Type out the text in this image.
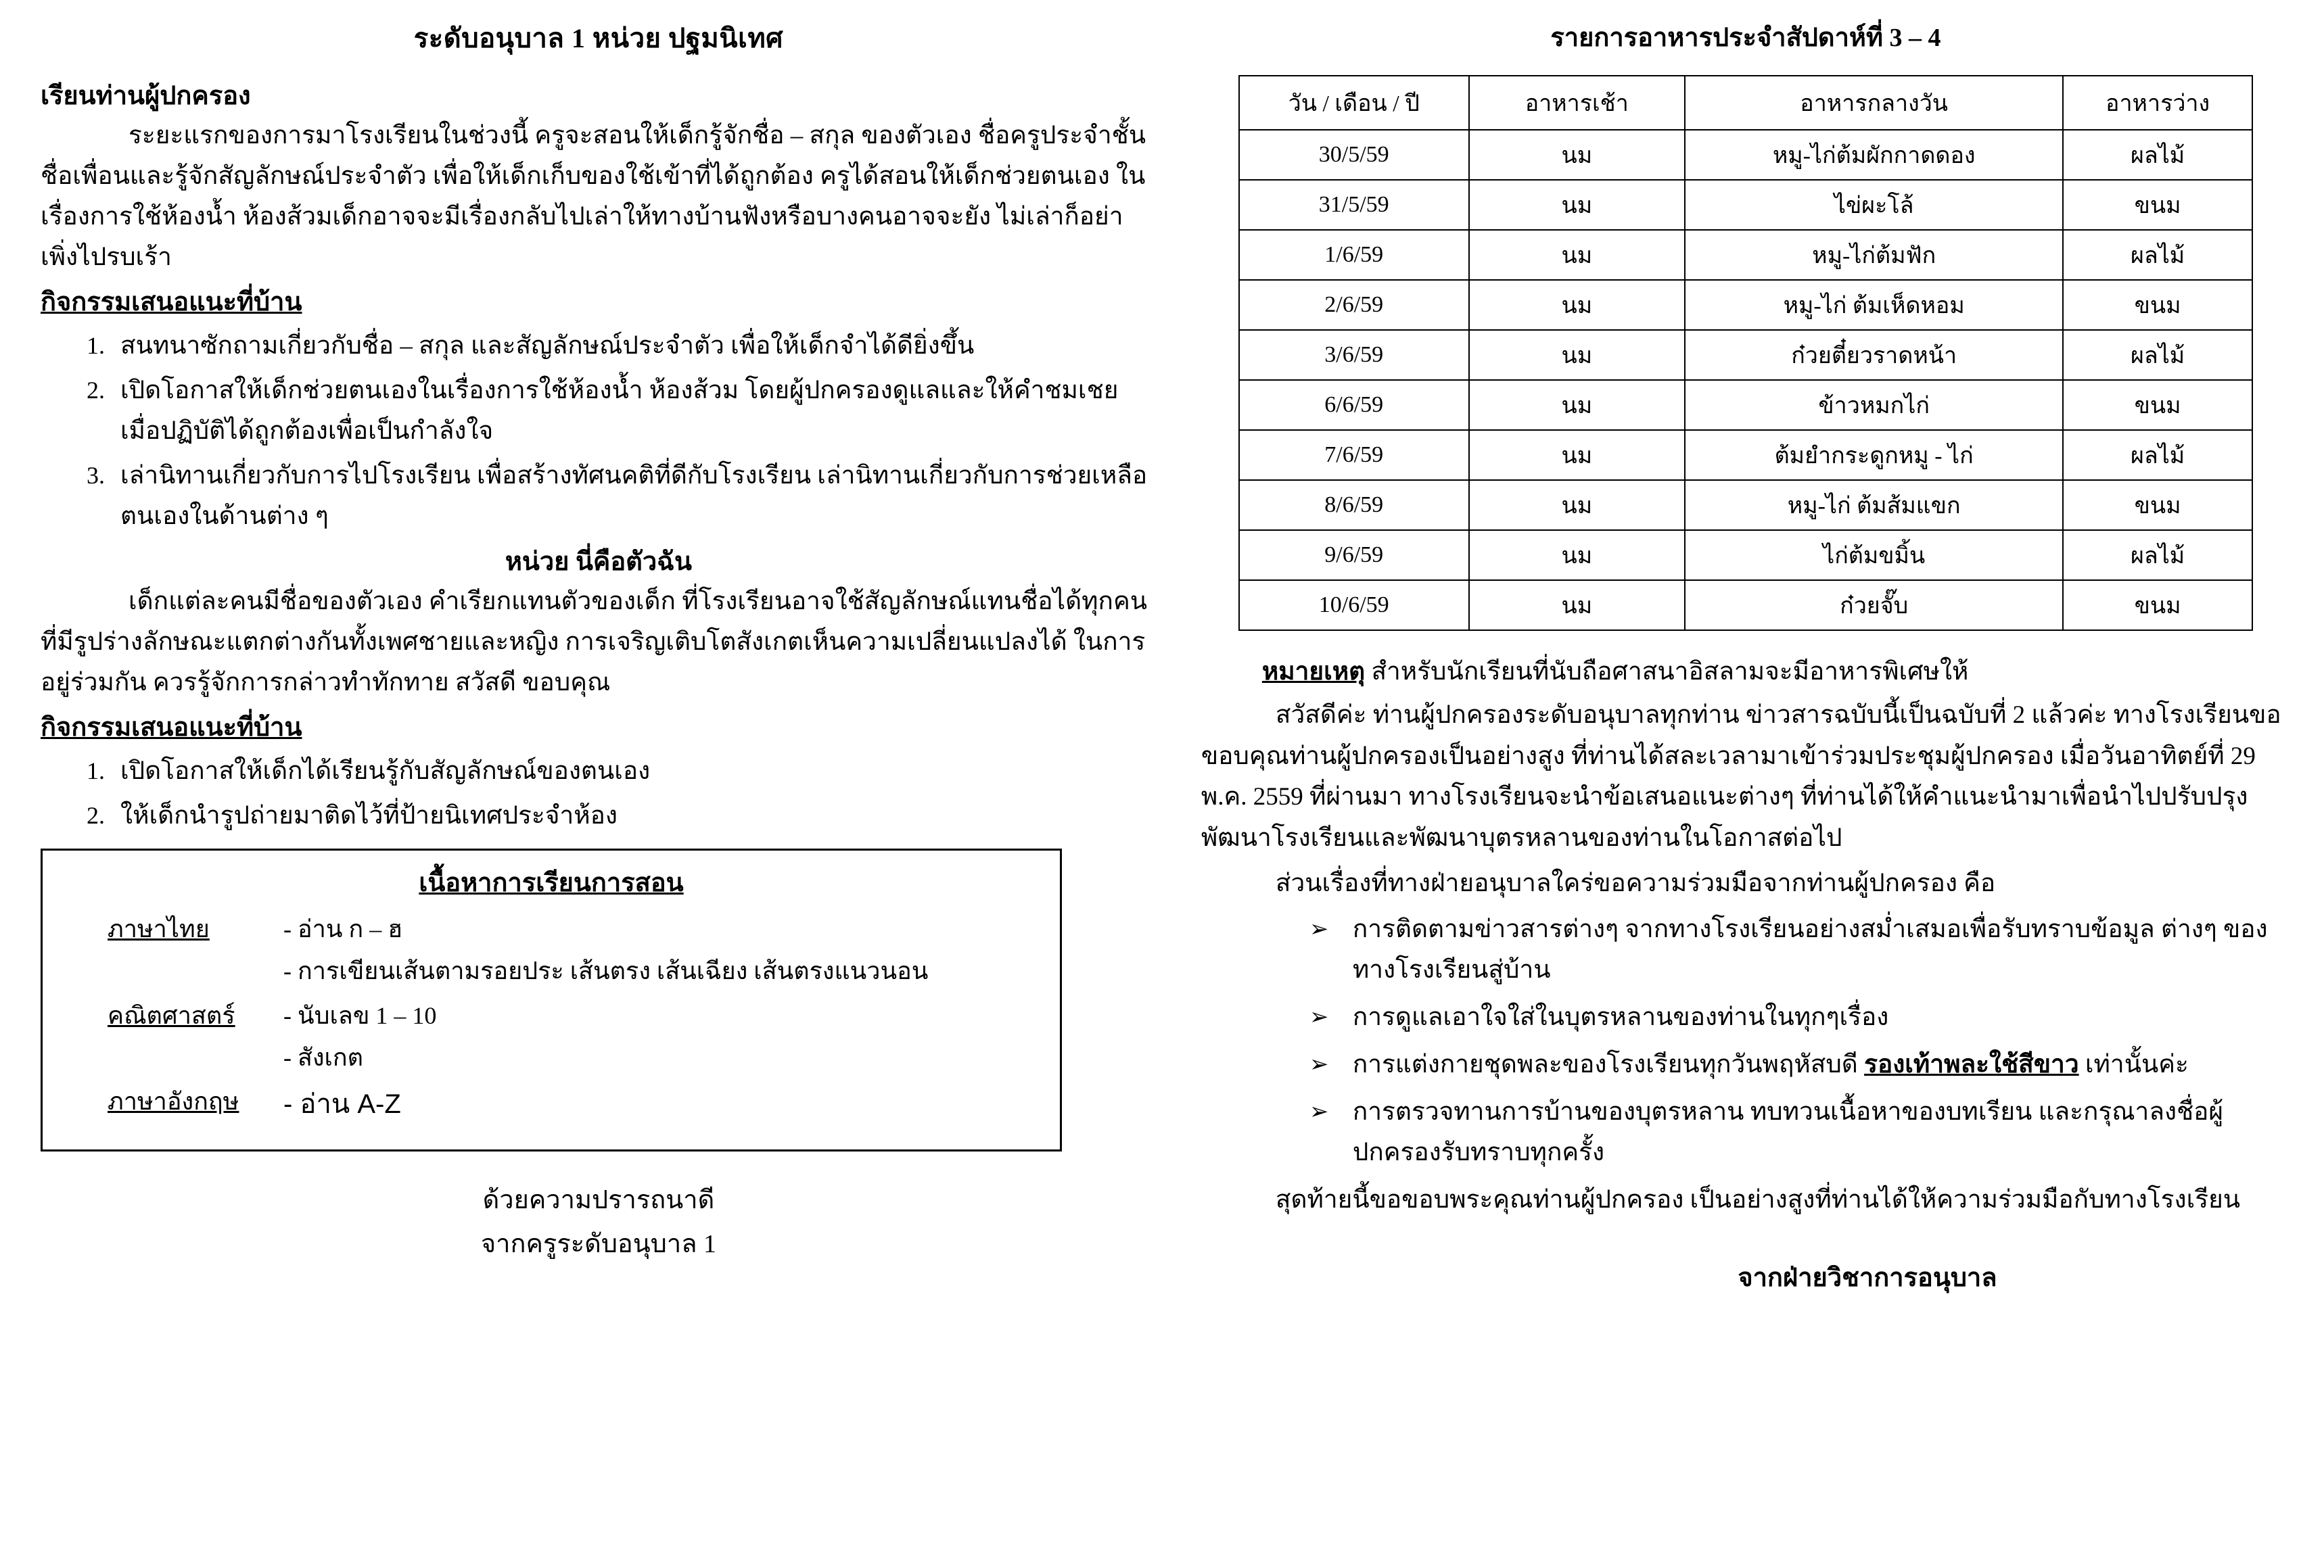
ระดับอนุบาล 1 หน่วย ปฐมนิเทศ
เรียนท่านผู้ปกครอง

ระยะแรกของการมาโรงเรียนในช่วงนี้ ครูจะสอนให้เด็กรู้จักชื่อ – สกุล ของตัวเอง ชื่อครูประจำชั้น ชื่อเพื่อนและรู้จักสัญลักษณ์ประจำตัว เพื่อให้เด็กเก็บของใช้เข้าที่ได้ถูกต้อง ครูได้สอนให้เด็กช่วยตนเอง ในเรื่องการใช้ห้องน้ำ ห้องส้วมเด็กอาจจะมีเรื่องกลับไปเล่าให้ทางบ้านฟังหรือบางคนอาจจะยัง ไม่เล่าก็อย่าเพิ่งไปรบเร้า

กิจกรรมเสนอแนะที่บ้าน
1. สนทนาซักถามเกี่ยวกับชื่อ – สกุล และสัญลักษณ์ประจำตัว เพื่อให้เด็กจำได้ดียิ่งขึ้น
2. เปิดโอกาสให้เด็กช่วยตนเองในเรื่องการใช้ห้องน้ำ ห้องส้วม โดยผู้ปกครองดูแลและให้คำชมเชยเมื่อปฏิบัติได้ถูกต้องเพื่อเป็นกำลังใจ
3. เล่านิทานเกี่ยวกับการไปโรงเรียน เพื่อสร้างทัศนคติที่ดีกับโรงเรียน เล่านิทานเกี่ยวกับการช่วยเหลือตนเองในด้านต่าง ๆ
หน่วย นี่คือตัวฉัน

เด็กแต่ละคนมีชื่อของตัวเอง คำเรียกแทนตัวของเด็ก ที่โรงเรียนอาจใช้สัญลักษณ์แทนชื่อได้ทุกคนที่มีรูปร่างลักษณะแตกต่างกันทั้งเพศชายและหญิง การเจริญเติบโตสังเกตเห็นความเปลี่ยนแปลงได้ ในการอยู่ร่วมกัน ควรรู้จักการกล่าวทำทักทาย สวัสดี ขอบคุณ

กิจกรรมเสนอแนะที่บ้าน
1. เปิดโอกาสให้เด็กได้เรียนรู้กับสัญลักษณ์ของตนเอง
2. ให้เด็กนำรูปถ่ายมาติดไว้ที่ป้ายนิเทศประจำห้อง
เนื้อหาการเรียนการสอน
ภาษาไทย	- อ่าน ก – ฮ
- การเขียนเส้นตามรอยประ เส้นตรง เส้นเฉียง เส้นตรงแนวนอน
คณิตศาสตร์	- นับเลข 1 – 10
- สังเกต
ภาษาอังกฤษ	- อ่าน A-Z
ด้วยความปรารถนาดี
จากครูระดับอนุบาล 1
รายการอาหารประจำสัปดาห์ที่ 3 – 4
วัน / เดือน / ปี	อาหารเช้า	อาหารกลางวัน	อาหารว่าง
30/5/59	นม	หมู-ไก่ต้มผักกาดดอง	ผลไม้
31/5/59	นม	ไข่ผะโล้	ขนม
1/6/59	นม	หมู-ไก่ต้มฟัก	ผลไม้
2/6/59	นม	หมู-ไก่ ต้มเห็ดหอม	ขนม
3/6/59	นม	ก๋วยตี๋ยวราดหน้า	ผลไม้
6/6/59	นม	ข้าวหมกไก่	ขนม
7/6/59	นม	ต้มยำกระดูกหมู - ไก่	ผลไม้
8/6/59	นม	หมู-ไก่ ต้มส้มแขก	ขนม
9/6/59	นม	ไก่ต้มขมิ้น	ผลไม้
10/6/59	นม	ก๋วยจั๊บ	ขนม
หมายเหตุ สำหรับนักเรียนที่นับถือศาสนาอิสลามจะมีอาหารพิเศษให้

สวัสดีค่ะ ท่านผู้ปกครองระดับอนุบาลทุกท่าน ข่าวสารฉบับนี้เป็นฉบับที่ 2 แล้วค่ะ ทางโรงเรียนขอขอบคุณท่านผู้ปกครองเป็นอย่างสูง ที่ท่านได้สละเวลามาเข้าร่วมประชุมผู้ปกครอง เมื่อวันอาทิตย์ที่ 29 พ.ค. 2559 ที่ผ่านมา ทางโรงเรียนจะนำข้อเสนอแนะต่างๆ ที่ท่านได้ให้คำแนะนำมาเพื่อนำไปปรับปรุงพัฒนาโรงเรียนและพัฒนาบุตรหลานของท่านในโอกาสต่อไป

ส่วนเรื่องที่ทางฝ่ายอนุบาลใคร่ขอความร่วมมือจากท่านผู้ปกครอง คือ

➢ การติดตามข่าวสารต่างๆ จากทางโรงเรียนอย่างสม่ำเสมอเพื่อรับทราบข้อมูล ต่างๆ ของทางโรงเรียนสู่บ้าน
➢ การดูแลเอาใจใส่ในบุตรหลานของท่านในทุกๆเรื่อง
➢ การแต่งกายชุดพละของโรงเรียนทุกวันพฤหัสบดี รองเท้าพละใช้สีขาว เท่านั้นค่ะ
➢ การตรวจทานการบ้านของบุตรหลาน ทบทวนเนื้อหาของบทเรียน และกรุณาลงชื่อผู้ปกครองรับทราบทุกครั้ง

สุดท้ายนี้ขอขอบพระคุณท่านผู้ปกครอง เป็นอย่างสูงที่ท่านได้ให้ความร่วมมือกับทางโรงเรียน

จากฝ่ายวิชาการอนุบาล
